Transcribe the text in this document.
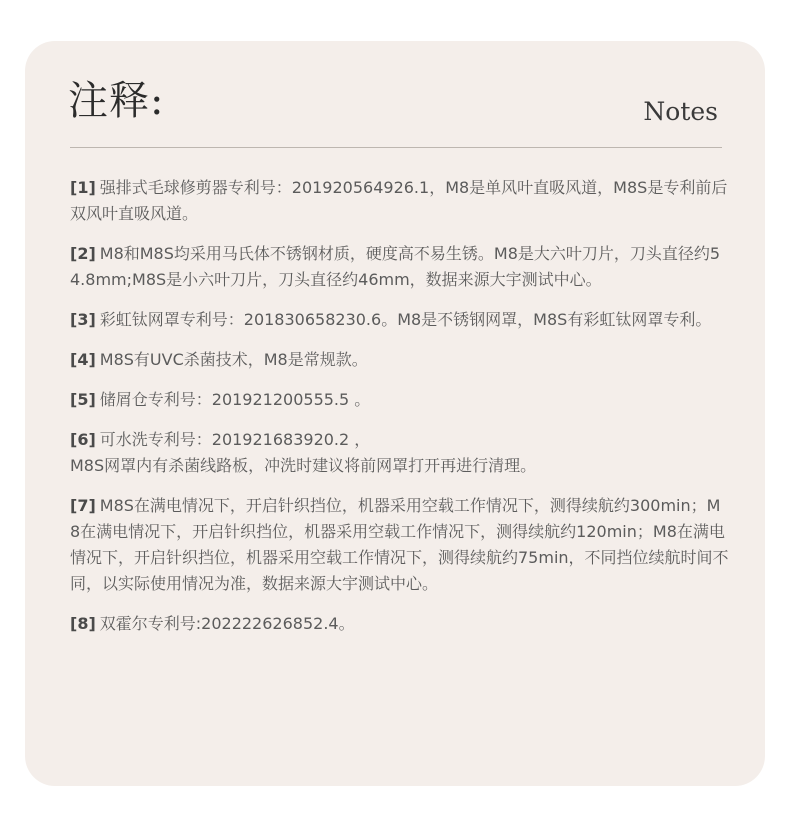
注释:	Notes
[1] 强排式毛球修剪器专利号：201920564926.1，M8是单风叶直吸风道，M8S是专利前后双风叶直吸风道。
[2] M8和M8S均采用马氏体不锈钢材质，硬度高不易生锈。M8是大六叶刀片，刀头直径约54.8mm;M8S是小六叶刀片，刀头直径约46mm，数据来源大宇测试中心。
[3] 彩虹钛网罩专利号：201830658230.6。M8是不锈钢网罩，M8S有彩虹钛网罩专利。
[4] M8S有UVC杀菌技术，M8是常规款。
[5] 储屑仓专利号：201921200555.5 。
[6] 可水洗专利号：201921683920.2 ，
M8S网罩内有杀菌线路板，冲洗时建议将前网罩打开再进行清理。
[7] M8S在满电情况下，开启针织挡位，机器采用空载工作情况下，测得续航约300min；M8在满电情况下，开启针织挡位，机器采用空载工作情况下，测得续航约120min；M8在满电情况下，开启针织挡位，机器采用空载工作情况下，测得续航约75min，不同挡位续航时间不同，以实际使用情况为准，数据来源大宇测试中心。
[8] 双霍尔专利号:202222626852.4。
